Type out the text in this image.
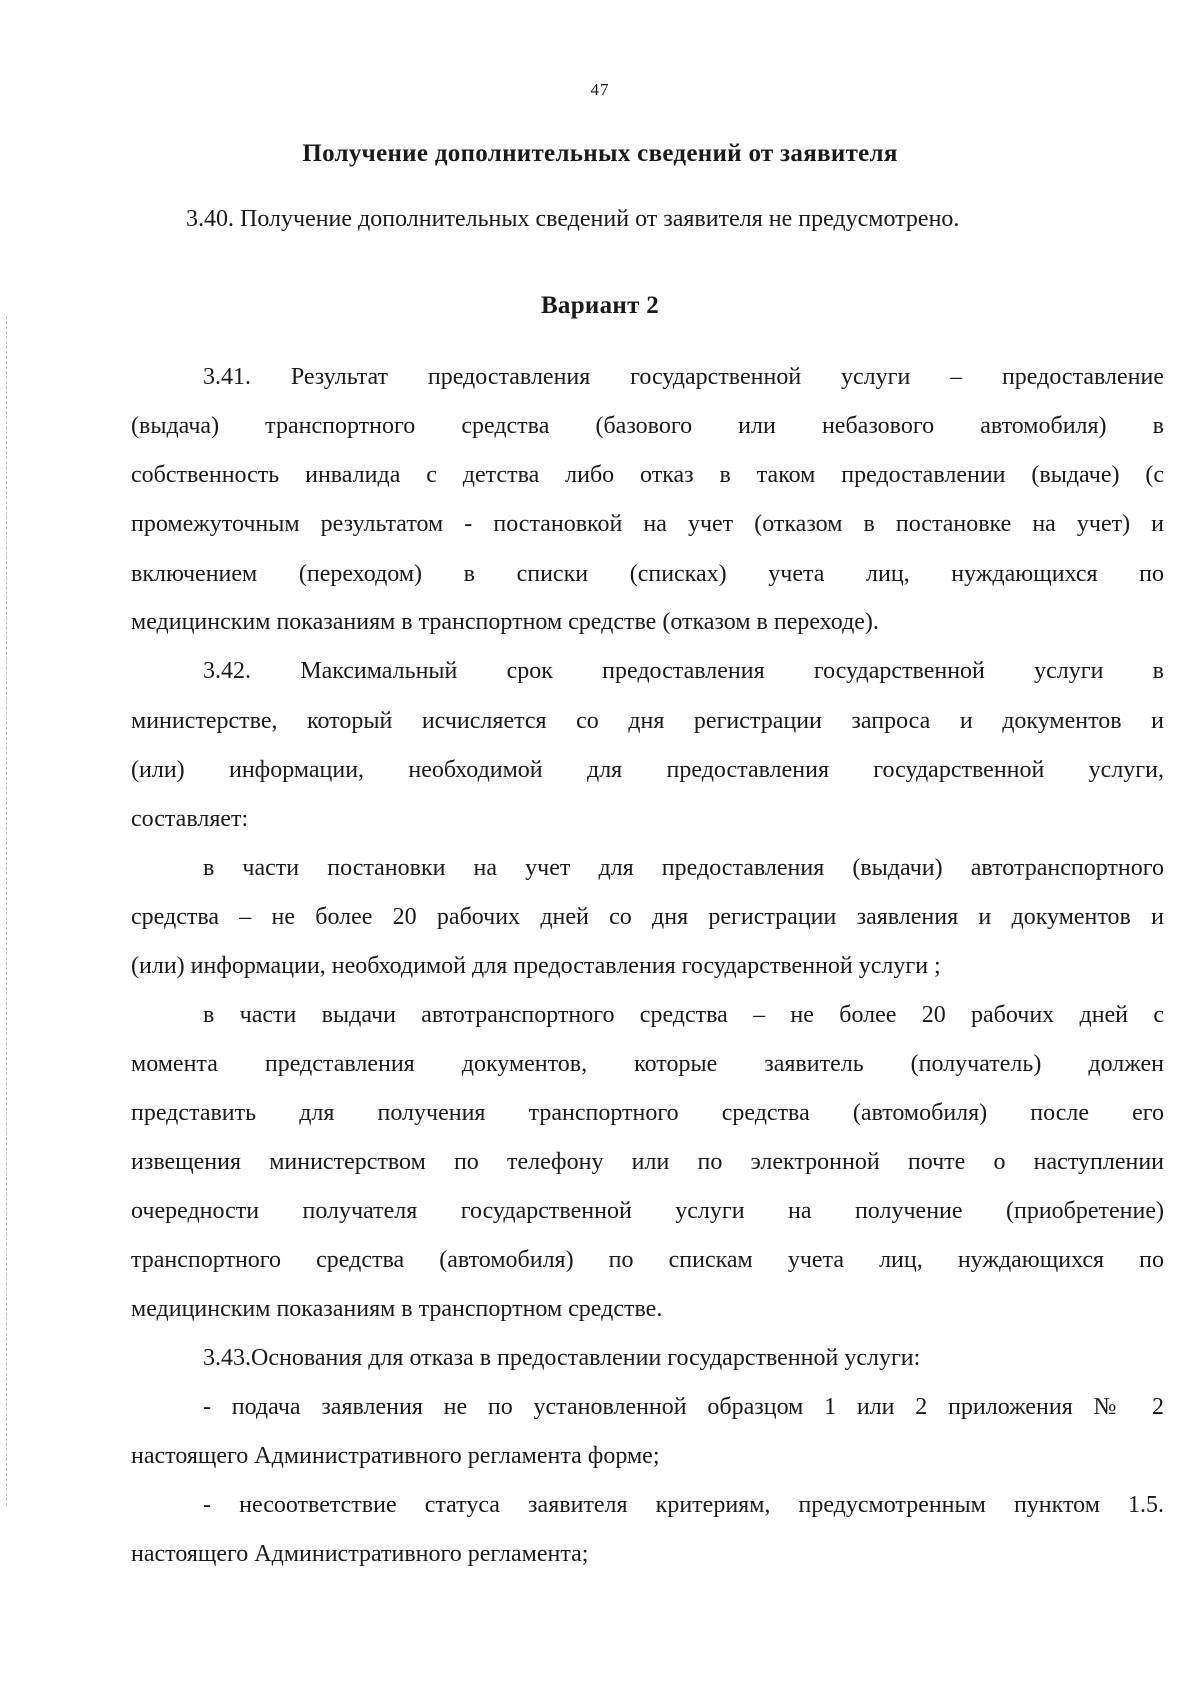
47
Получение дополнительных сведений от заявителя
3.40. Получение дополнительных сведений от заявителя не предусмотрено.
Вариант 2
3.41. Результат предоставления государственной услуги – предоставление
(выдача) транспортного средства (базового или небазового автомобиля) в
собственность инвалида с детства либо отказ в таком предоставлении (выдаче) (с
промежуточным результатом - постановкой на учет (отказом в постановке на учет) и
включением (переходом) в списки (списках) учета лиц, нуждающихся по
медицинским показаниям в транспортном средстве (отказом в переходе).
3.42. Максимальный срок предоставления государственной услуги в
министерстве, который исчисляется со дня регистрации запроса и документов и
(или) информации, необходимой для предоставления государственной услуги,
составляет:
в части постановки на учет для предоставления (выдачи) автотранспортного
средства – не более 20 рабочих дней со дня регистрации заявления и документов и
(или) информации, необходимой для предоставления государственной услуги ;
в части выдачи автотранспортного средства – не более 20 рабочих дней с
момента представления документов, которые заявитель (получатель) должен
представить для получения транспортного средства (автомобиля) после его
извещения министерством по телефону или по электронной почте о наступлении
очередности получателя государственной услуги на получение (приобретение)
транспортного средства (автомобиля) по спискам учета лиц, нуждающихся по
медицинским показаниям в транспортном средстве.
3.43.Основания для отказа в предоставлении государственной услуги:
- подача заявления не по установленной образцом 1 или 2 приложения № 2
настоящего Административного регламента форме;
- несоответствие статуса заявителя критериям, предусмотренным пунктом 1.5.
настоящего Административного регламента;
